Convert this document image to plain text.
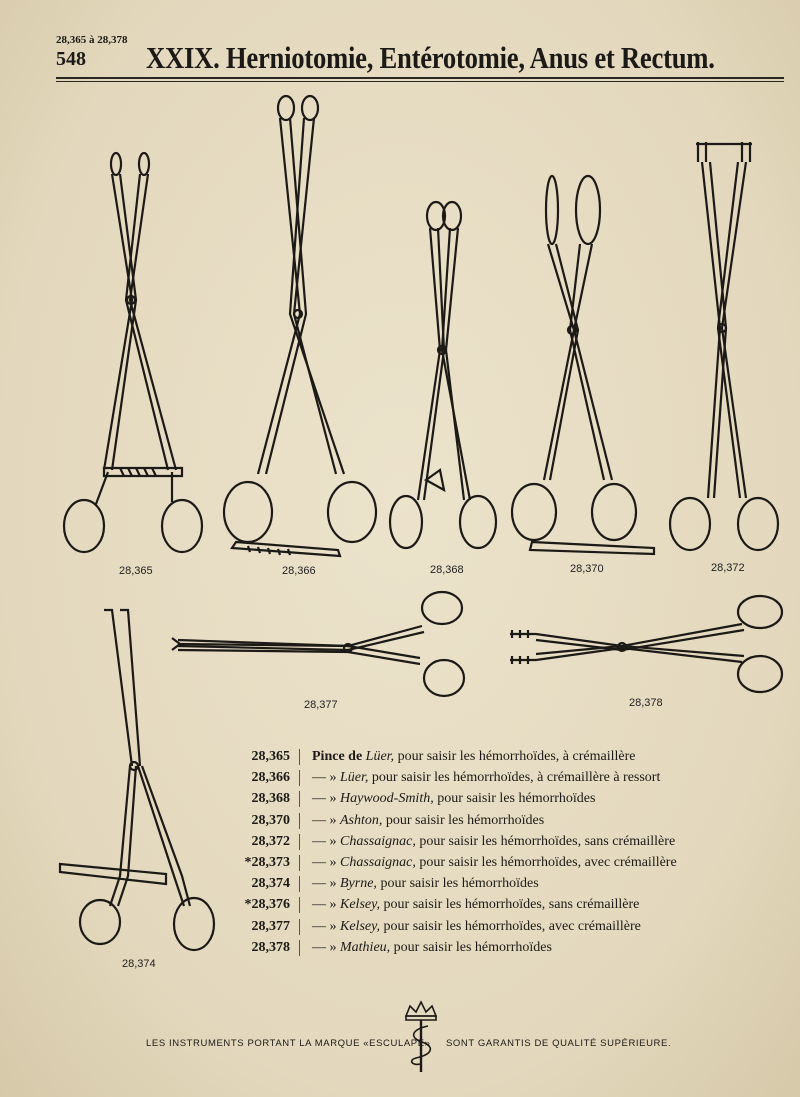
28,365 à 28,378
548 XXIX. Herniotomie, Entérotomie, Anus et Rectum.
28,365	28,366	28,368	28,370	28,372
28,374
28,377	28,378
28,365	Pince de Lüer, pour saisir les hémorrhoïdes, à crémaillère
28,366	— » Lüer, pour saisir les hémorrhoïdes, à crémaillère à ressort
28,368	— » Haywood-Smith, pour saisir les hémorrhoïdes
28,370	— » Ashton, pour saisir les hémorrhoïdes
28,372	— » Chassaignac, pour saisir les hémorrhoïdes, sans crémaillère
*28,373	— » Chassaignac, pour saisir les hémorrhoïdes, avec crémaillère
28,374	— » Byrne, pour saisir les hémorrhoïdes
*28,376	— » Kelsey, pour saisir les hémorrhoïdes, sans crémaillère
28,377	— » Kelsey, pour saisir les hémorrhoïdes, avec crémaillère
28,378	— » Mathieu, pour saisir les hémorrhoïdes
LES INSTRUMENTS PORTANT LA MARQUE «ESCULAPE» SONT GARANTIS DE QUALITÉ SUPÉRIEURE.
